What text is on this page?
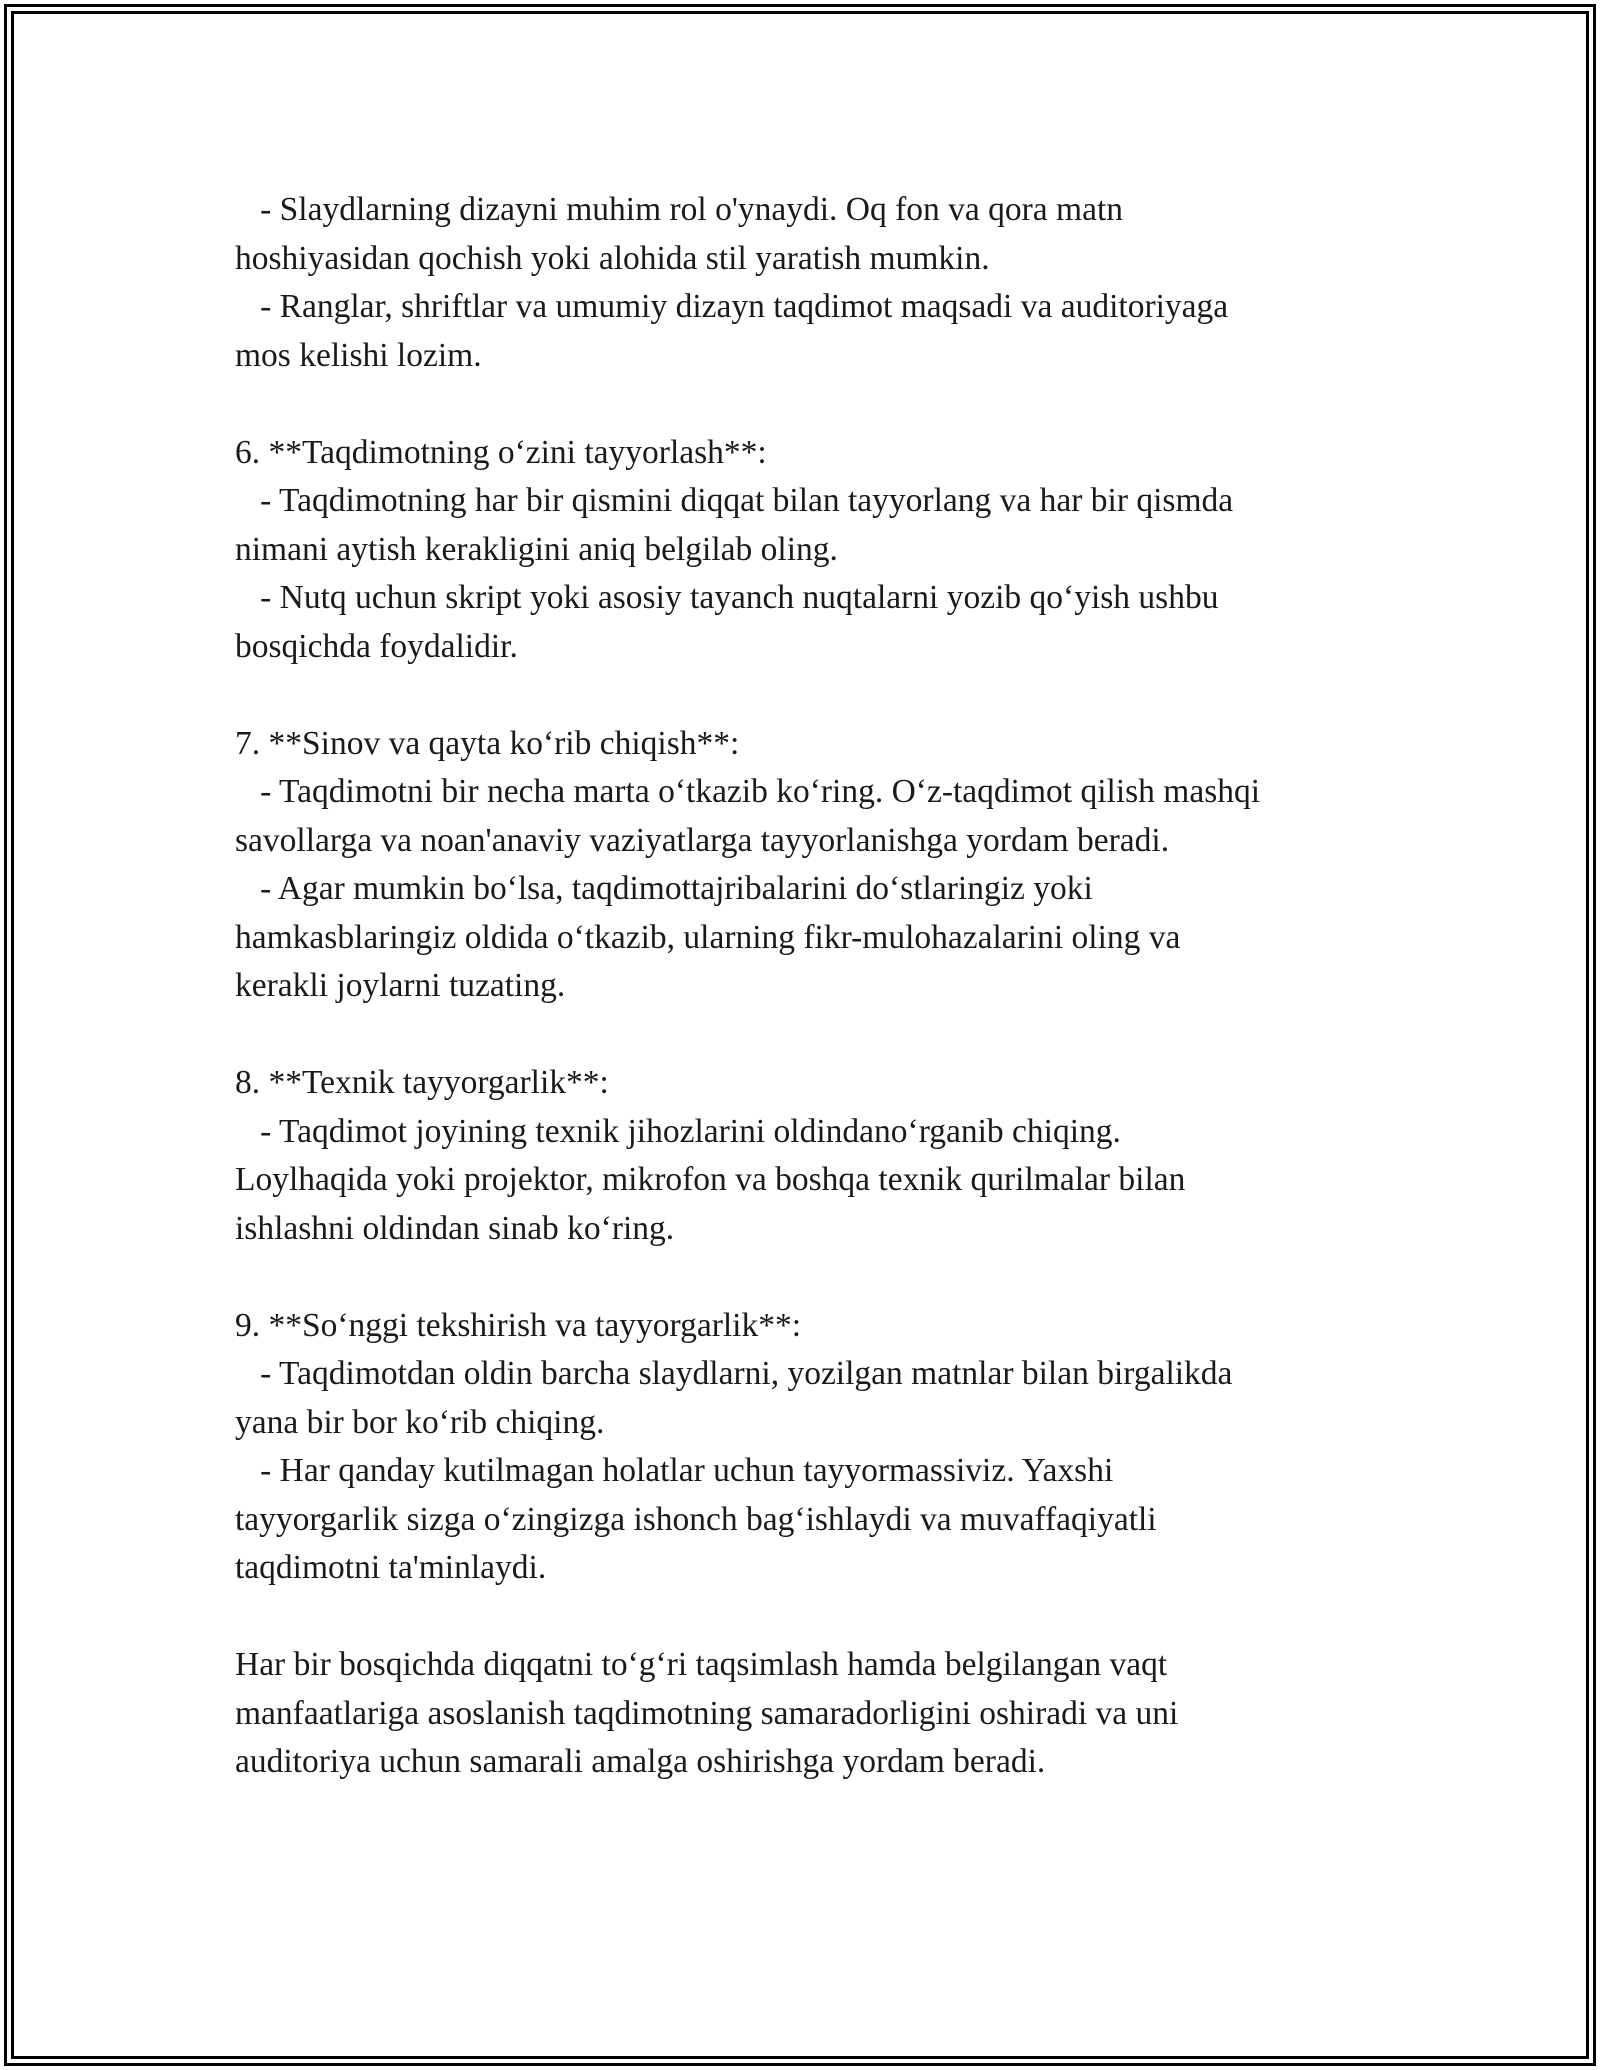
- Slaydlarning dizayni muhim rol o'ynaydi. Oq fon va qora matn
hoshiyasidan qochish yoki alohida stil yaratish mumkin.
- Ranglar, shriftlar va umumiy dizayn taqdimot maqsadi va auditoriyaga
mos kelishi lozim.

6. **Taqdimotning o‘zini tayyorlash**:
- Taqdimotning har bir qismini diqqat bilan tayyorlang va har bir qismda
nimani aytish kerakligini aniq belgilab oling.
- Nutq uchun skript yoki asosiy tayanch nuqtalarni yozib qo‘yish ushbu
bosqichda foydalidir.

7. **Sinov va qayta ko‘rib chiqish**:
- Taqdimotni bir necha marta o‘tkazib ko‘ring. O‘z-taqdimot qilish mashqi
savollarga va noan'anaviy vaziyatlarga tayyorlanishga yordam beradi.
- Agar mumkin bo‘lsa, taqdimottajribalarini do‘stlaringiz yoki
hamkasblaringiz oldida o‘tkazib, ularning fikr-mulohazalarini oling va
kerakli joylarni tuzating.

8. **Texnik tayyorgarlik**:
- Taqdimot joyining texnik jihozlarini oldindano‘rganib chiqing.
Loylhaqida yoki projektor, mikrofon va boshqa texnik qurilmalar bilan
ishlashni oldindan sinab ko‘ring.

9. **So‘nggi tekshirish va tayyorgarlik**:
- Taqdimotdan oldin barcha slaydlarni, yozilgan matnlar bilan birgalikda
yana bir bor ko‘rib chiqing.
- Har qanday kutilmagan holatlar uchun tayyormassiviz. Yaxshi
tayyorgarlik sizga o‘zingizga ishonch bag‘ishlaydi va muvaffaqiyatli
taqdimotni ta'minlaydi.

Har bir bosqichda diqqatni to‘g‘ri taqsimlash hamda belgilangan vaqt
manfaatlariga asoslanish taqdimotning samaradorligini oshiradi va uni
auditoriya uchun samarali amalga oshirishga yordam beradi.
